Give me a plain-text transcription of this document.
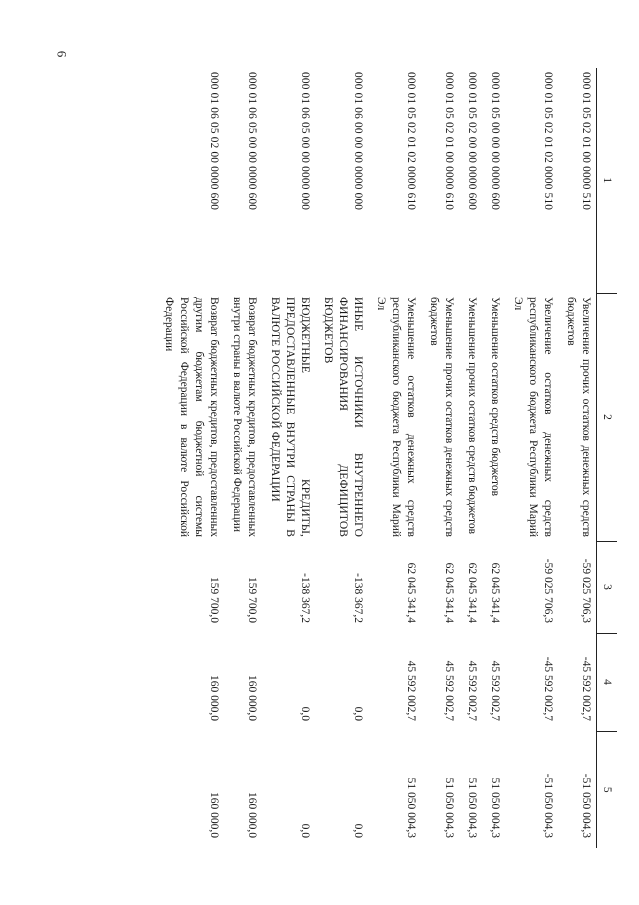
6
1	2	3	4	5
000 01 05 02 01 00 0000 510	Увеличение прочих остатков денежных средств бюджетов	-59 025 706,3	-45 592 002,7	-51 050 004,3
000 01 05 02 01 02 0000 510	Увеличение остатков денежных средств республиканского бюджета Республики Марий Эл	-59 025 706,3	-45 592 002,7	-51 050 004,3
000 01 05 00 00 00 0000 600	Уменьшение остатков средств бюджетов	62 045 341,4	45 592 002,7	51 050 004,3
000 01 05 02 00 00 0000 600	Уменьшение прочих остатков средств бюджетов	62 045 341,4	45 592 002,7	51 050 004,3
000 01 05 02 01 00 0000 610	Уменьшение прочих остатков денежных средств бюджетов	62 045 341,4	45 592 002,7	51 050 004,3
000 01 05 02 01 02 0000 610	Уменьшение остатков денежных средств республиканского бюджета Республики Марий Эл	62 045 341,4	45 592 002,7	51 050 004,3
000 01 06 00 00 00 0000 000	ИНЫЕ ИСТОЧНИКИ ВНУТРЕННЕГО ФИНАНСИРОВАНИЯ ДЕФИЦИТОВ БЮДЖЕТОВ	-138 367,2	0,0	0,0
000 01 06 05 00 00 0000 000	БЮДЖЕТНЫЕ КРЕДИТЫ, ПРЕДОСТАВЛЕННЫЕ ВНУТРИ СТРАНЫ В ВАЛЮТЕ РОССИЙСКОЙ ФЕДЕРАЦИИ	-138 367,2	0,0	0,0
000 01 06 05 00 00 0000 600	Возврат бюджетных кредитов, предоставленных внутри страны в валюте Российской Федерации	159 700,0	160 000,0	160 000,0
000 01 06 05 02 00 0000 600	Возврат бюджетных кредитов, предоставленных другим бюджетам бюджетной системы Российской Федерации в валюте Российской Федерации	159 700,0	160 000,0	160 000,0
